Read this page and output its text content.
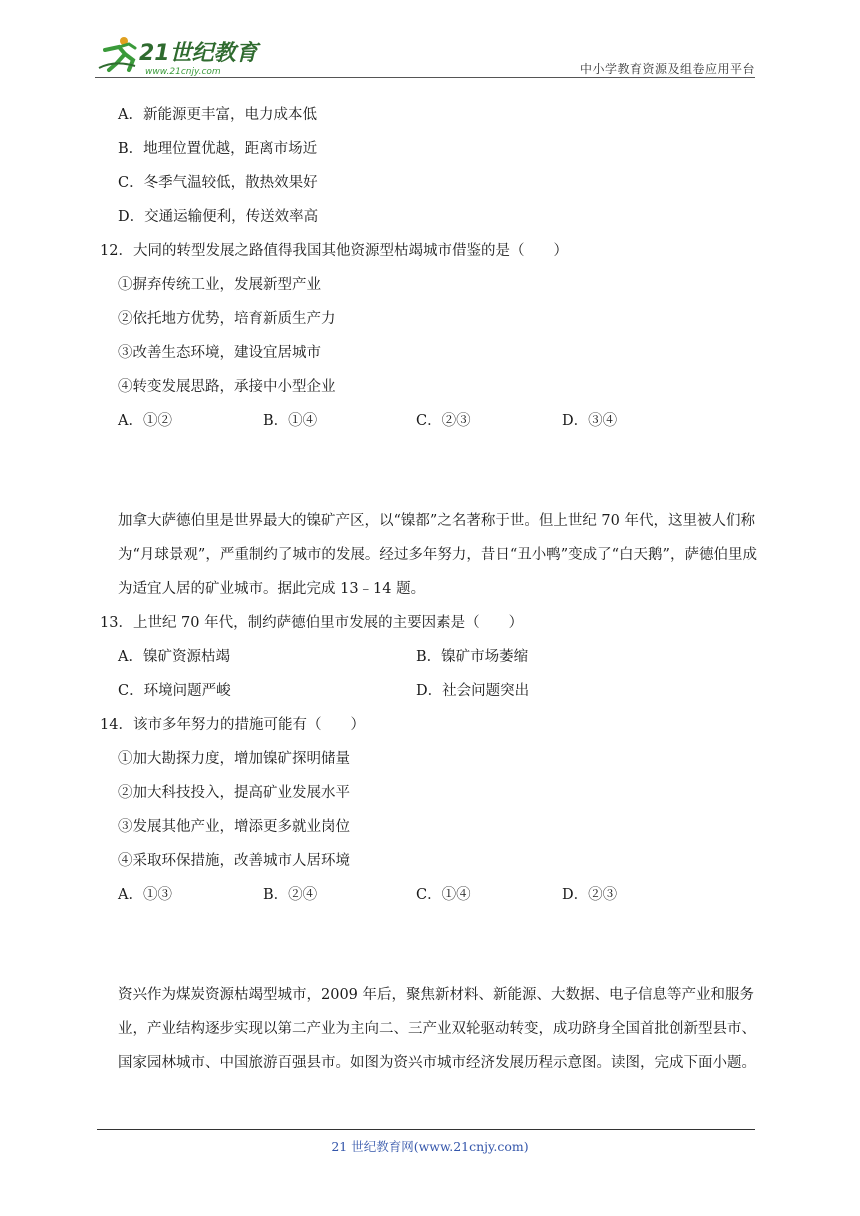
21世纪教育
www.21cnjy.com	中小学教育资源及组卷应用平台
A．新能源更丰富，电力成本低
B．地理位置优越，距离市场近
C．冬季气温较低，散热效果好
D．交通运输便利，传送效率高
12．大同的转型发展之路值得我国其他资源型枯竭城市借鉴的是（　　）
①摒弃传统工业，发展新型产业
②依托地方优势，培育新质生产力
③改善生态环境，建设宜居城市
④转变发展思路，承接中小型企业
A．①②	B．①④	C．②③	D．③④

加拿大萨德伯里是世界最大的镍矿产区，以“镍都”之名著称于世。但上世纪 70 年代，这里被人们称为“月球景观”，严重制约了城市的发展。经过多年努力，昔日“丑小鸭”变成了“白天鹅”，萨德伯里成为适宜人居的矿业城市。据此完成 13﹣14 题。

13．上世纪 70 年代，制约萨德伯里市发展的主要因素是（　　）
A．镍矿资源枯竭	B．镍矿市场萎缩
C．环境问题严峻	D．社会问题突出
14．该市多年努力的措施可能有（　　）
①加大勘探力度，增加镍矿探明储量
②加大科技投入，提高矿业发展水平
③发展其他产业，增添更多就业岗位
④采取环保措施，改善城市人居环境
A．①③	B．②④	C．①④	D．②③

资兴作为煤炭资源枯竭型城市，2009 年后，聚焦新材料、新能源、大数据、电子信息等产业和服务业，产业结构逐步实现以第二产业为主向二、三产业双轮驱动转变，成功跻身全国首批创新型县市、国家园林城市、中国旅游百强县市。如图为资兴市城市经济发展历程示意图。读图，完成下面小题。

21 世纪教育网(www.21cnjy.com)
